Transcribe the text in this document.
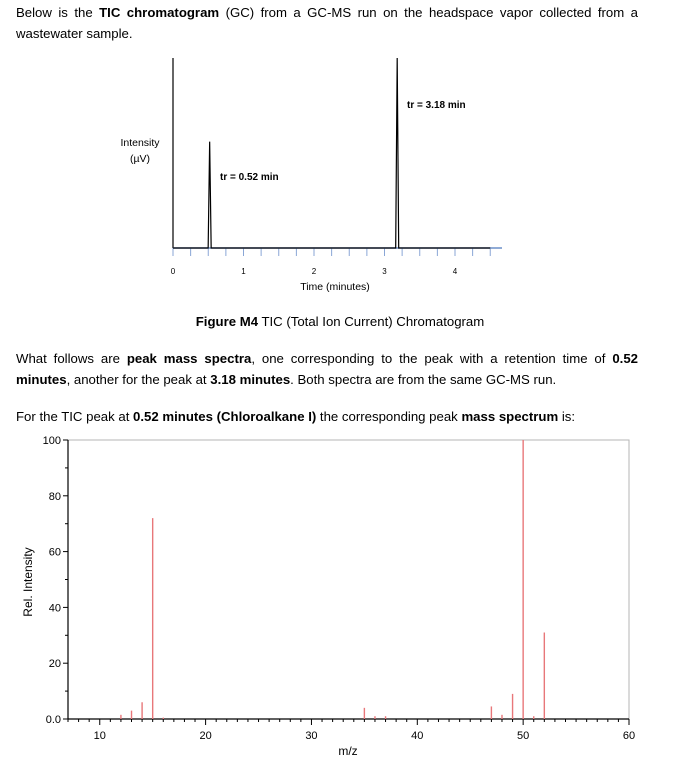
Below is the TIC chromatogram (GC) from a GC-MS run on the headspace vapor collected from a
wastewater sample.
0	1	2	3	4
Intensity
(µV)
Time (minutes)
tr = 0.52 min
tr = 3.18 min
Figure M4 TIC (Total Ion Current) Chromatogram
0.0
20
40
60
80
100
10	20	30	40	50	60
Rel. Intensity
m/z
What follows are peak mass spectra, one corresponding to the peak with a retention time of 0.52
minutes, another for the peak at 3.18 minutes. Both spectra are from the same GC-MS run.
For the TIC peak at 0.52 minutes (Chloroalkane I) the corresponding peak mass spectrum is:
